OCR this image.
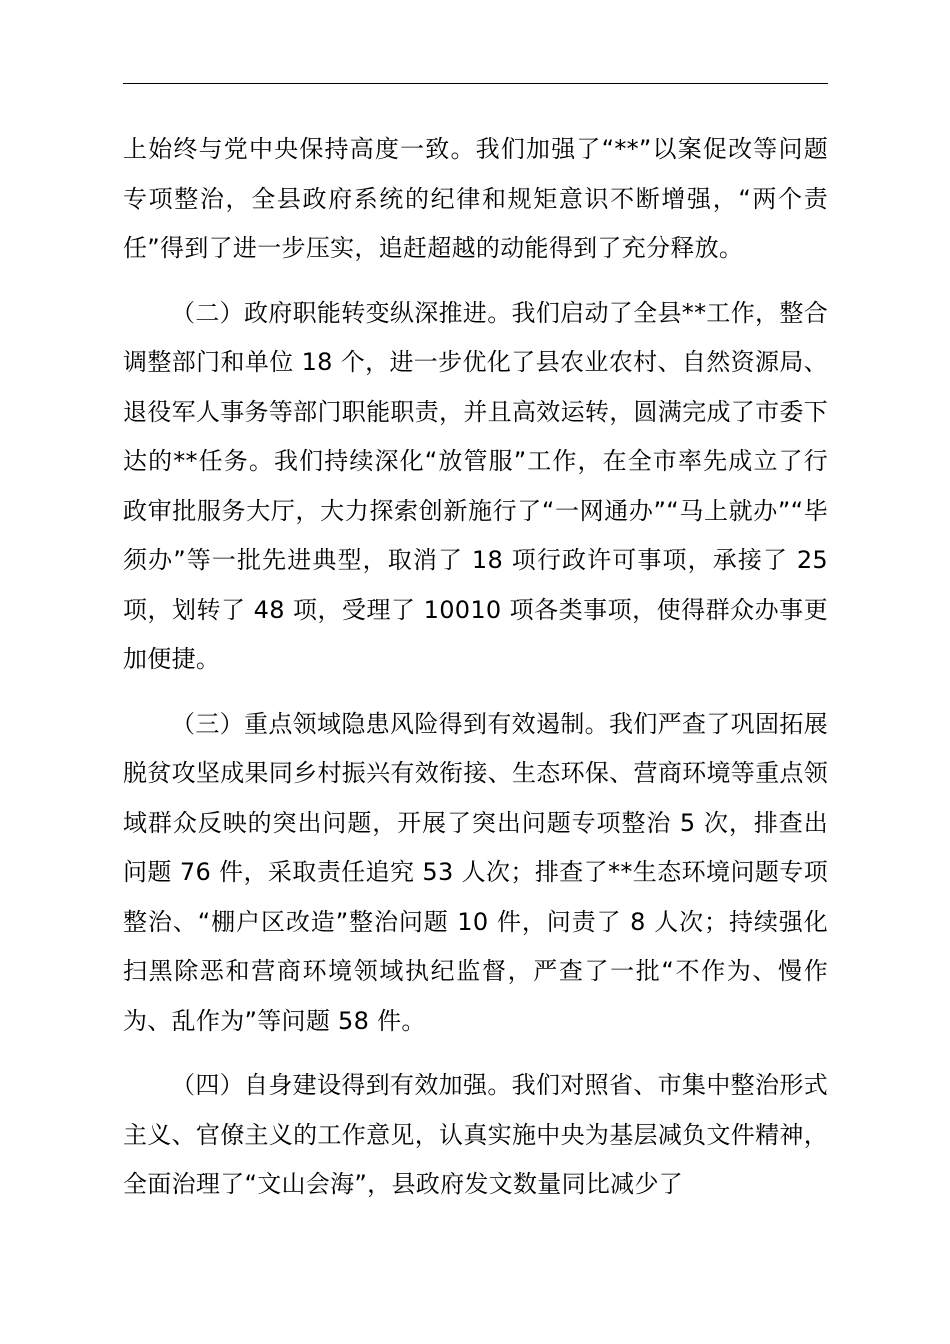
上始终与党中央保持高度一致。我们加强了“**”以案促改等问题专项整治，全县政府系统的纪律和规矩意识不断增强，“两个责任”得到了进一步压实，追赶超越的动能得到了充分释放。

（二）政府职能转变纵深推进。我们启动了全县**工作，整合调整部门和单位 18 个，进一步优化了县农业农村、自然资源局、退役军人事务等部门职能职责，并且高效运转，圆满完成了市委下达的**任务。我们持续深化“放管服”工作，在全市率先成立了行政审批服务大厅，大力探索创新施行了“一网通办”“马上就办”“毕须办”等一批先进典型，取消了 18 项行政许可事项，承接了 25 项，划转了 48 项，受理了 10010 项各类事项，使得群众办事更加便捷。

（三）重点领域隐患风险得到有效遏制。我们严查了巩固拓展脱贫攻坚成果同乡村振兴有效衔接、生态环保、营商环境等重点领域群众反映的突出问题，开展了突出问题专项整治 5 次，排查出问题 76 件，采取责任追究 53 人次；排查了**生态环境问题专项整治、“棚户区改造”整治问题 10 件，问责了 8 人次；持续强化扫黑除恶和营商环境领域执纪监督，严查了一批“不作为、慢作为、乱作为”等问题 58 件。

（四）自身建设得到有效加强。我们对照省、市集中整治形式主义、官僚主义的工作意见，认真实施中央为基层减负文件精神，全面治理了“文山会海”，县政府发文数量同比减少了
